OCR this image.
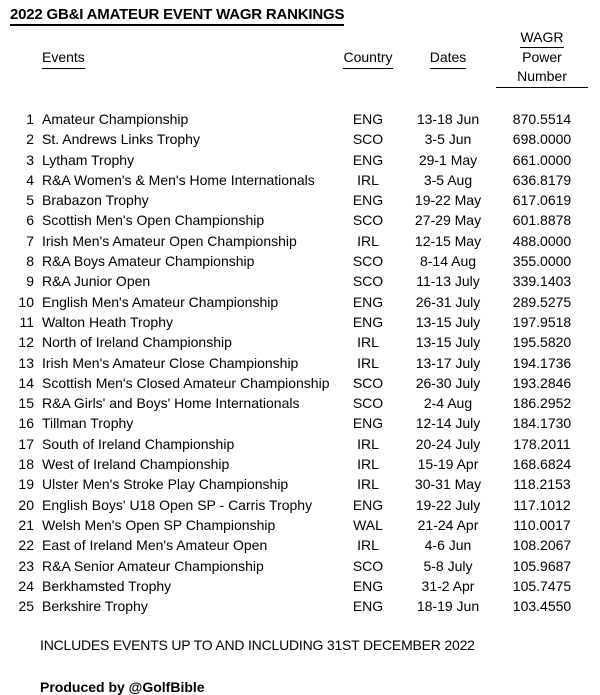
2022 GB&I AMATEUR EVENT WAGR RANKINGS
				WAGR
	Events	Country	Dates	Power Number
1	Amateur Championship	ENG	13-18 Jun	870.5514
2	St. Andrews Links Trophy	SCO	3-5 Jun	698.0000
3	Lytham Trophy	ENG	29-1 May	661.0000
4	R&A Women's & Men's Home Internationals	IRL	3-5 Aug	636.8179
5	Brabazon Trophy	ENG	19-22 May	617.0619
6	Scottish Men's Open Championship	SCO	27-29 May	601.8878
7	Irish Men's Amateur Open Championship	IRL	12-15 May	488.0000
8	R&A Boys Amateur Championship	SCO	8-14 Aug	355.0000
9	R&A Junior Open	SCO	11-13 July	339.1403
10	English Men's Amateur Championship	ENG	26-31 July	289.5275
11	Walton Heath Trophy	ENG	13-15 July	197.9518
12	North of Ireland Championship	IRL	13-15 July	195.5820
13	Irish Men's Amateur Close Championship	IRL	13-17 July	194.1736
14	Scottish Men's Closed Amateur Championship	SCO	26-30 July	193.2846
15	R&A Girls' and Boys' Home Internationals	SCO	2-4 Aug	186.2952
16	Tillman Trophy	ENG	12-14 July	184.1730
17	South of Ireland Championship	IRL	20-24 July	178.2011
18	West of Ireland Championship	IRL	15-19 Apr	168.6824
19	Ulster Men's Stroke Play Championship	IRL	30-31 May	118.2153
20	English Boys' U18 Open SP - Carris Trophy	ENG	19-22 July	117.1012
21	Welsh Men's Open SP Championship	WAL	21-24 Apr	110.0017
22	East of Ireland Men's Amateur Open	IRL	4-6 Jun	108.2067
23	R&A Senior Amateur Championship	SCO	5-8 July	105.9687
24	Berkhamsted Trophy	ENG	31-2 Apr	105.7475
25	Berkshire Trophy	ENG	18-19 Jun	103.4550
INCLUDES EVENTS UP TO AND INCLUDING 31ST DECEMBER 2022
Produced by @GolfBible
